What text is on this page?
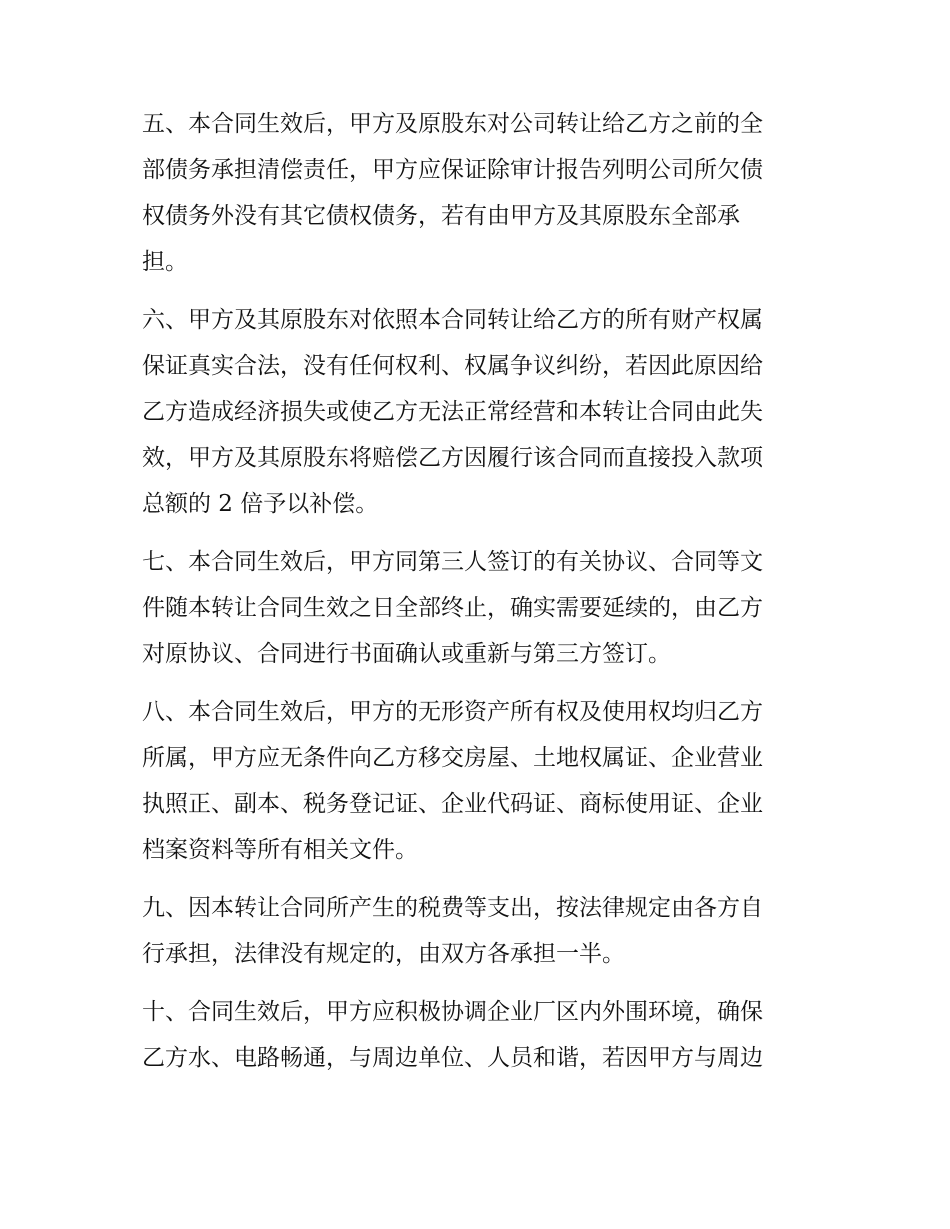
五、本合同生效后，甲方及原股东对公司转让给乙方之前的全

部债务承担清偿责任，甲方应保证除审计报告列明公司所欠债

权债务外没有其它债权债务，若有由甲方及其原股东全部承

担。

六、甲方及其原股东对依照本合同转让给乙方的所有财产权属

保证真实合法，没有任何权利、权属争议纠纷，若因此原因给

乙方造成经济损失或使乙方无法正常经营和本转让合同由此失

效，甲方及其原股东将赔偿乙方因履行该合同而直接投入款项

总额的 2 倍予以补偿。

七、本合同生效后，甲方同第三人签订的有关协议、合同等文

件随本转让合同生效之日全部终止，确实需要延续的，由乙方

对原协议、合同进行书面确认或重新与第三方签订。

八、本合同生效后，甲方的无形资产所有权及使用权均归乙方

所属，甲方应无条件向乙方移交房屋、土地权属证、企业营业

执照正、副本、税务登记证、企业代码证、商标使用证、企业

档案资料等所有相关文件。

九、因本转让合同所产生的税费等支出，按法律规定由各方自

行承担，法律没有规定的，由双方各承担一半。

十、合同生效后，甲方应积极协调企业厂区内外围环境，确保

乙方水、电路畅通，与周边单位、人员和谐，若因甲方与周边
